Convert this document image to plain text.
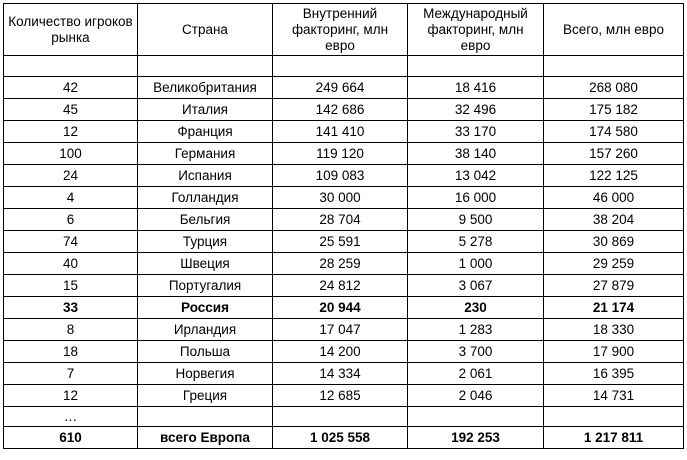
Количество игроков рынка	Страна	Внутренний факторинг, млн евро	Международный факторинг, млн евро	Всего, млн евро

42	Великобритания	249 664	18 416	268 080
45	Италия	142 686	32 496	175 182
12	Франция	141 410	33 170	174 580
100	Германия	119 120	38 140	157 260
24	Испания	109 083	13 042	122 125
4	Голландия	30 000	16 000	46 000
6	Бельгия	28 704	9 500	38 204
74	Турция	25 591	5 278	30 869
40	Швеция	28 259	1 000	29 259
15	Португалия	24 812	3 067	27 879
33	Россия	20 944	230	21 174
8	Ирландия	17 047	1 283	18 330
18	Польша	14 200	3 700	17 900
7	Норвегия	14 334	2 061	16 395
12	Греция	12 685	2 046	14 731
…				
610	всего Европа	1 025 558	192 253	1 217 811
